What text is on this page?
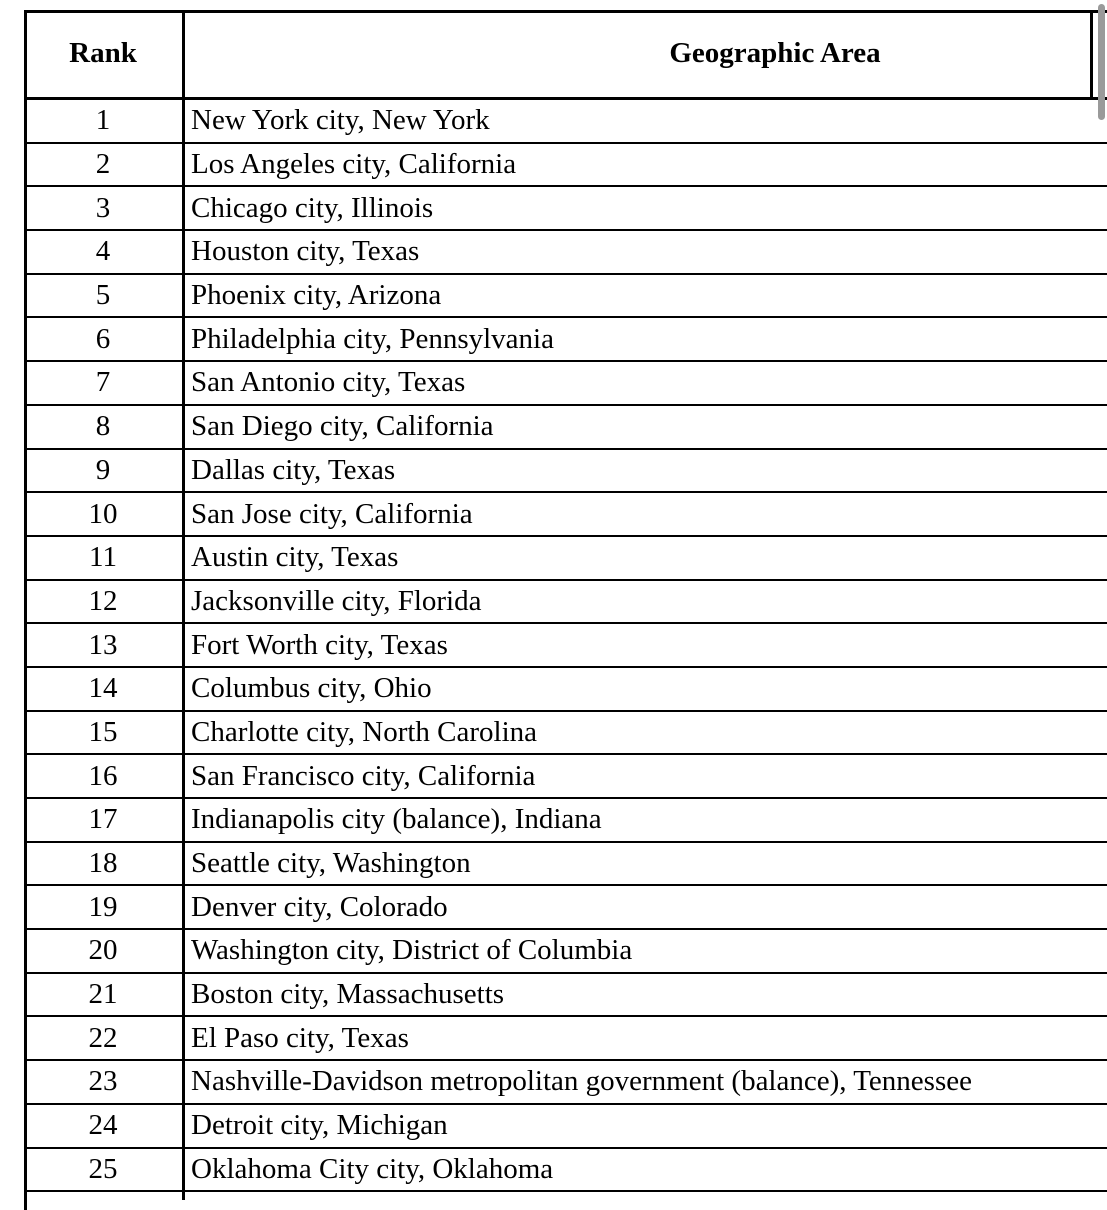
Rank	Geographic Area
1	New York city, New York
2	Los Angeles city, California
3	Chicago city, Illinois
4	Houston city, Texas
5	Phoenix city, Arizona
6	Philadelphia city, Pennsylvania
7	San Antonio city, Texas
8	San Diego city, California
9	Dallas city, Texas
10	San Jose city, California
11	Austin city, Texas
12	Jacksonville city, Florida
13	Fort Worth city, Texas
14	Columbus city, Ohio
15	Charlotte city, North Carolina
16	San Francisco city, California
17	Indianapolis city (balance), Indiana
18	Seattle city, Washington
19	Denver city, Colorado
20	Washington city, District of Columbia
21	Boston city, Massachusetts
22	El Paso city, Texas
23	Nashville-Davidson metropolitan government (balance), Tennessee
24	Detroit city, Michigan
25	Oklahoma City city, Oklahoma
